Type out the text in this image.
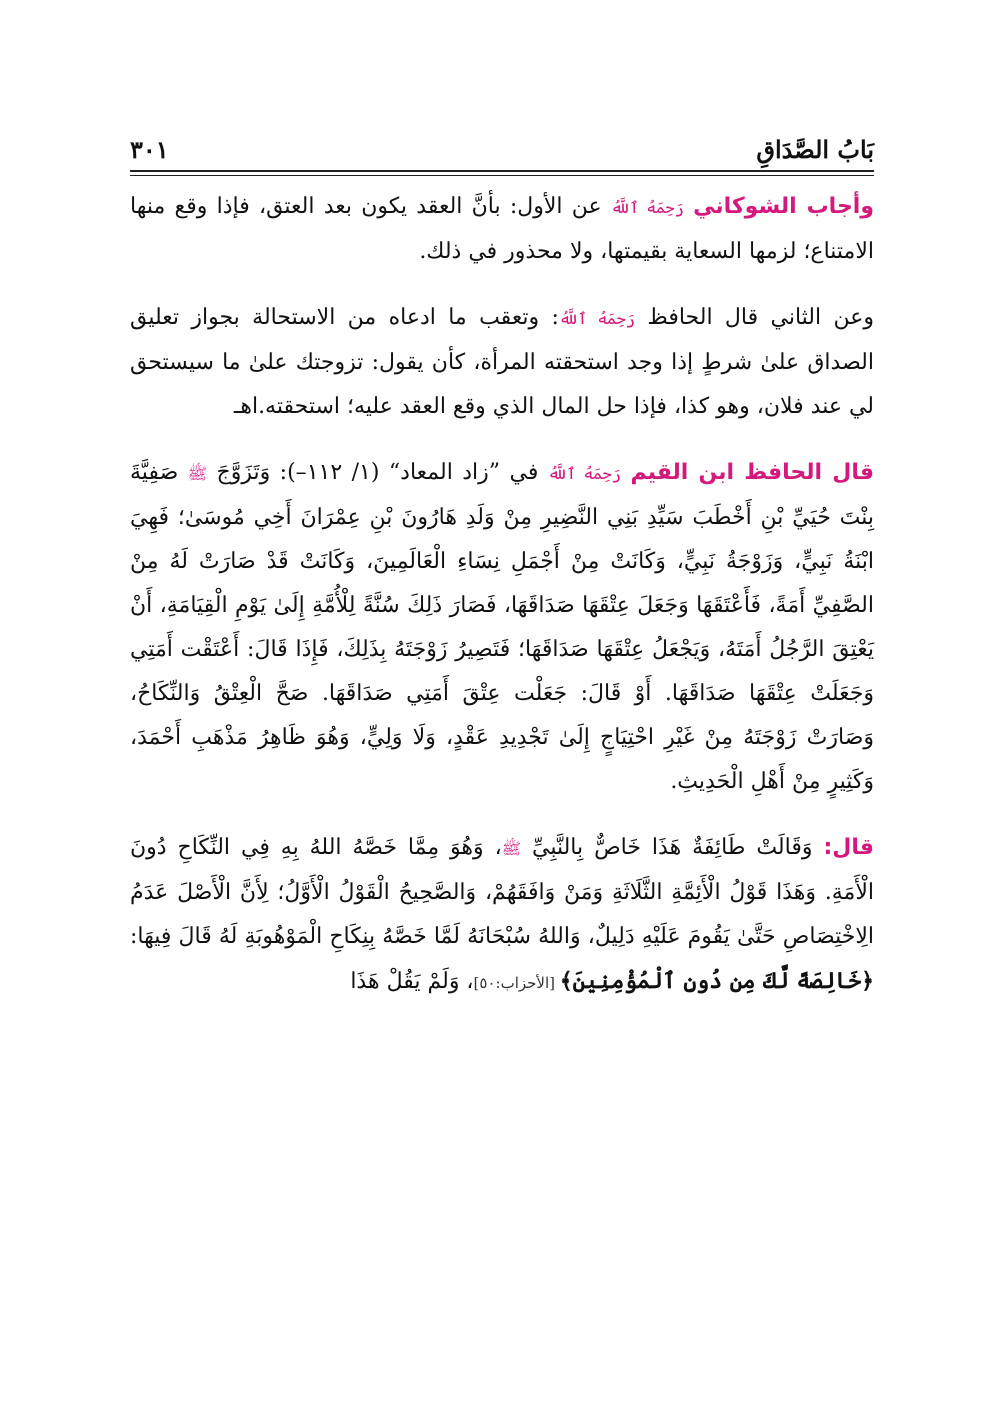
بَابُ الصَّدَاقِ
٣٠١

وأجاب الشوكاني رَحِمَهُ ٱللَّهُ عن الأول: بأنَّ العقد يكون بعد العتق، فإذا وقع منها الامتناع؛ لزمها السعاية بقيمتها، ولا محذور في ذلك.

وعن الثاني قال الحافظ رَحِمَهُ ٱللَّهُ: وتعقب ما ادعاه من الاستحالة بجواز تعليق الصداق علىٰ شرطٍ إذا وجد استحقته المرأة، كأن يقول: تزوجتك علىٰ ما سيستحق لي عند فلان، وهو كذا، فإذا حل المال الذي وقع العقد عليه؛ استحقته.اهـ

قال الحافظ ابن القيم رَحِمَهُ ٱللَّهُ في ”زاد المعاد“ (١/ ١١٢–): وَتَزَوَّجَ ﷺ صَفِيَّةَ بِنْتَ حُيَيِّ بْنِ أَخْطَبَ سَيِّدِ بَنِي النَّضِيرِ مِنْ وَلَدِ هَارُونَ بْنِ عِمْرَانَ أَخِي مُوسَىٰ؛ فَهِيَ ابْنَةُ نَبِيٍّ، وَزَوْجَةُ نَبِيٍّ، وَكَانَتْ مِنْ أَجْمَلِ نِسَاءِ الْعَالَمِينَ، وَكَانَتْ قَدْ صَارَتْ لَهُ مِنْ الصَّفِيِّ أَمَةً، فَأَعْتَقَهَا وَجَعَلَ عِتْقَهَا صَدَاقَهَا، فَصَارَ ذَلِكَ سُنَّةً لِلْأُمَّةِ إِلَىٰ يَوْمِ الْقِيَامَةِ، أَنْ يَعْتِقَ الرَّجُلُ أَمَتَهُ، وَيَجْعَلُ عِتْقَهَا صَدَاقَهَا؛ فَتَصِيرُ زَوْجَتَهُ بِذَلِكَ، فَإِذَا قَالَ: أَعْتَقْت أَمَتِي وَجَعَلَتْ عِتْقَهَا صَدَاقَهَا. أَوْ قَالَ: جَعَلْت عِتْقَ أَمَتِي صَدَاقَهَا. صَحَّ الْعِتْقُ وَالنِّكَاحُ، وَصَارَتْ زَوْجَتَهُ مِنْ غَيْرِ احْتِيَاجٍ إِلَىٰ تَجْدِيدِ عَقْدٍ، وَلَا وَلِيٍّ، وَهُوَ ظَاهِرُ مَذْهَبِ أَحْمَدَ، وَكَثِيرٍ مِنْ أَهْلِ الْحَدِيثِ.

قال: وَقَالَتْ طَائِفَةٌ هَذَا خَاصٌّ بِالنَّبِيِّ ﷺ، وَهُوَ مِمَّا خَصَّهُ اللهُ بِهِ فِي النِّكَاحِ دُونَ الْأَمَةِ. وَهَذَا قَوْلُ الْأَئِمَّةِ الثَّلَاثَةِ وَمَنْ وَافَقَهُمْ، وَالصَّحِيحُ الْقَوْلُ الْأَوَّلُ؛ لِأَنَّ الْأَصْلَ عَدَمُ الِاخْتِصَاصِ حَتَّىٰ يَقُومَ عَلَيْهِ دَلِيلٌ، وَاللهُ سُبْحَانَهُ لَمَّا خَصَّهُ بِنِكَاحِ الْمَوْهُوبَةِ لَهُ قَالَ فِيهَا: ﴿خَالِصَةً لَّكَ مِن دُونِ ٱلْمُؤْمِنِينَ﴾ [الأحزاب:٥٠]، وَلَمْ يَقُلْ هَذَا
